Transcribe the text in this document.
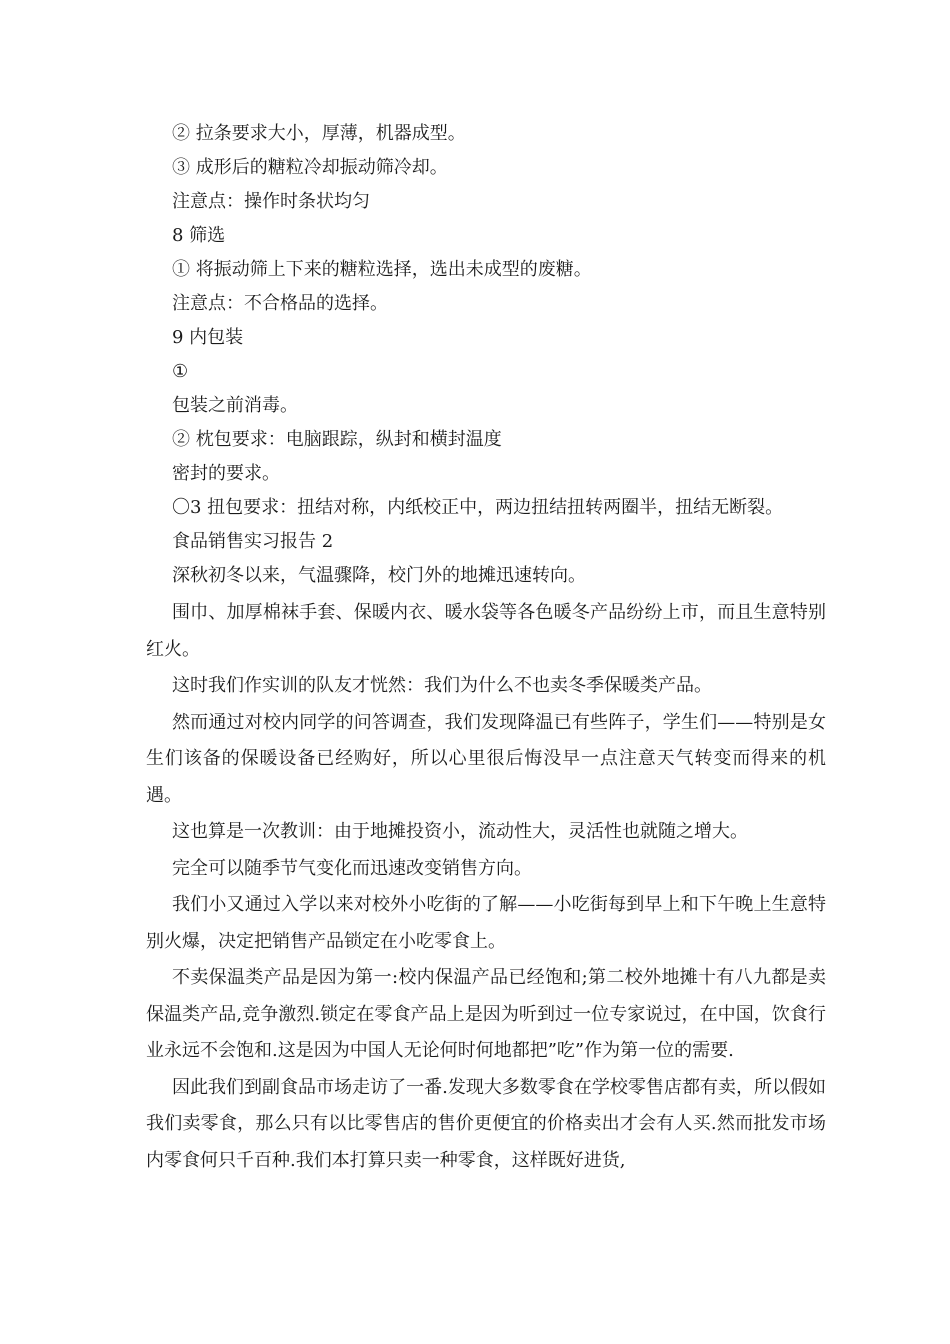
② 拉条要求大小，厚薄，机器成型。
③ 成形后的糖粒冷却振动筛冷却。
注意点：操作时条状均匀
8 筛选
① 将振动筛上下来的糖粒选择，选出未成型的废糖。
注意点：不合格品的选择。
9 内包装
①
包装之前消毒。
② 枕包要求：电脑跟踪，纵封和横封温度
密封的要求。
〇3 扭包要求：扭结对称，内纸校正中，两边扭结扭转两圈半，扭结无断裂。
食品销售实习报告 2
深秋初冬以来，气温骤降，校门外的地摊迅速转向。

围巾、加厚棉袜手套、保暖内衣、暖水袋等各色暖冬产品纷纷上市，而且生意特别红火。

这时我们作实训的队友才恍然：我们为什么不也卖冬季保暖类产品。

然而通过对校内同学的问答调查，我们发现降温已有些阵子，学生们——特别是女生们该备的保暖设备已经购好，所以心里很后悔没早一点注意天气转变而得来的机遇。

这也算是一次教训：由于地摊投资小，流动性大，灵活性也就随之增大。

完全可以随季节气变化而迅速改变销售方向。

我们小又通过入学以来对校外小吃街的了解——小吃街每到早上和下午晚上生意特别火爆，决定把销售产品锁定在小吃零食上。

不卖保温类产品是因为第一:校内保温产品已经饱和;第二校外地摊十有八九都是卖保温类产品,竞争激烈.锁定在零食产品上是因为听到过一位专家说过，在中国，饮食行业永远不会饱和.这是因为中国人无论何时何地都把”吃”作为第一位的需要.

因此我们到副食品市场走访了一番.发现大多数零食在学校零售店都有卖，所以假如我们卖零食，那么只有以比零售店的售价更便宜的价格卖出才会有人买.然而批发市场内零食何只千百种.我们本打算只卖一种零食，这样既好进货,
